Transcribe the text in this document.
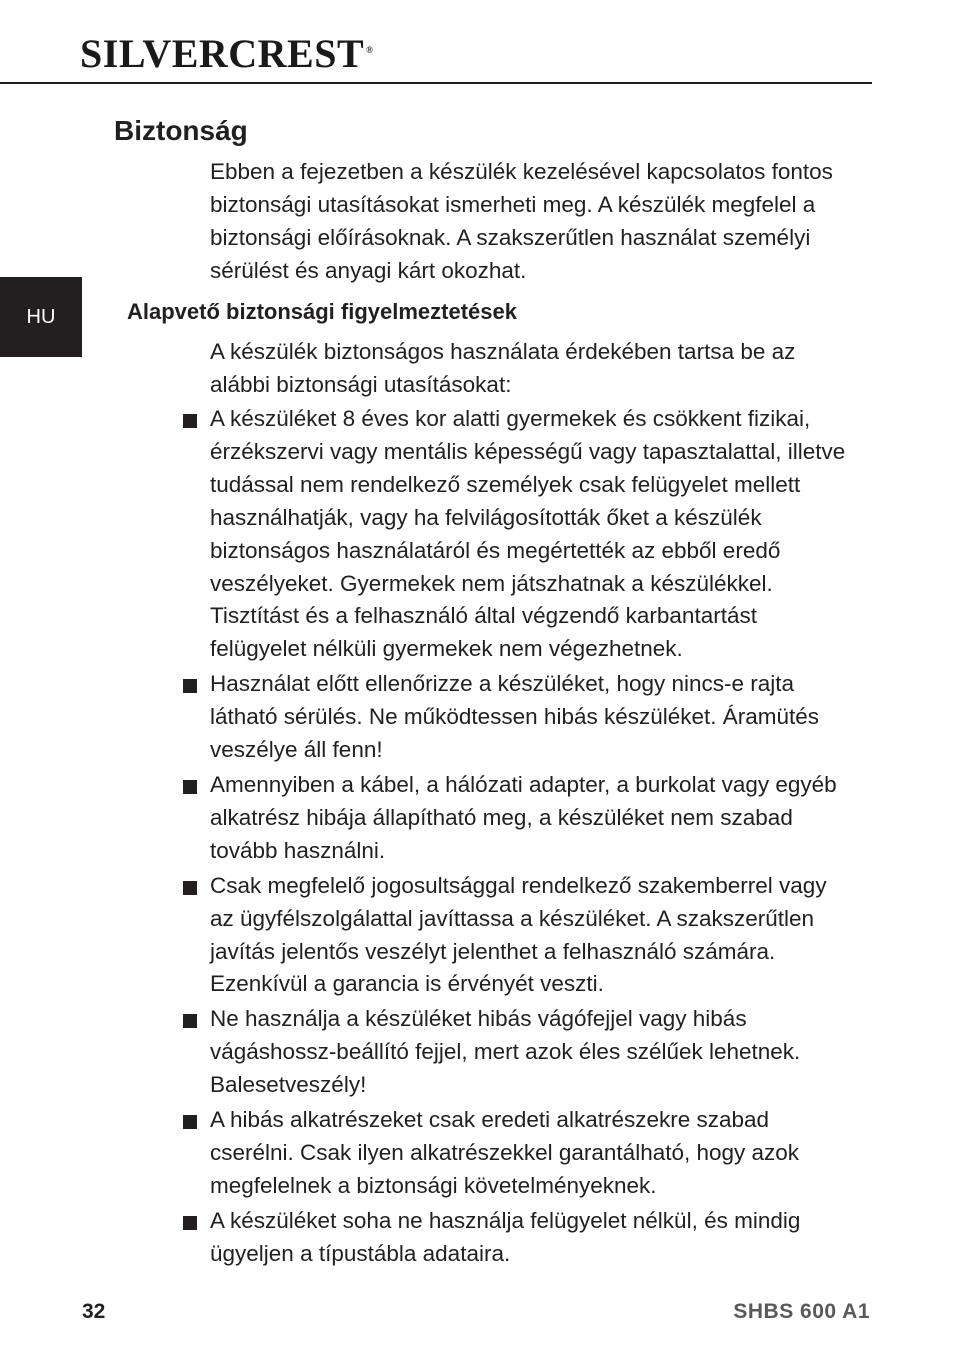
SILVERCREST ®
HU
Biztonság

Ebben a fejezetben a készülék kezelésével kapcsolatos fontos biztonsági utasításokat ismerheti meg. A készülék megfelel a biztonsági előírásoknak. A szakszerűtlen használat személyi sérülést és anyagi kárt okozhat.

Alapvető biztonsági figyelmeztetések

A készülék biztonságos használata érdekében tartsa be az alábbi biztonsági utasításokat:

A készüléket 8 éves kor alatti gyermekek és csökkent fizikai, érzékszervi vagy mentális képességű vagy tapasztalattal, illetve tudással nem rendelkező személyek csak felügyelet mellett használhatják, vagy ha felvilágosították őket a készülék biztonságos használatáról és megértették az ebből eredő veszélyeket. Gyermekek nem játszhatnak a készülékkel. Tisztítást és a felhasználó által végzendő karbantartást felügyelet nélküli gyermekek nem végezhetnek.
Használat előtt ellenőrizze a készüléket, hogy nincs-e rajta látható sérülés. Ne működtessen hibás készüléket. Áramütés veszélye áll fenn!
Amennyiben a kábel, a hálózati adapter, a burkolat vagy egyéb alkatrész hibája állapítható meg, a készüléket nem szabad tovább használni.
Csak megfelelő jogosultsággal rendelkező szakemberrel vagy az ügyfélszolgálattal javíttassa a készüléket. A szakszerűtlen javítás jelentős veszélyt jelenthet a felhasználó számára. Ezenkívül a garancia is érvényét veszti.
Ne használja a készüléket hibás vágófejjel vagy hibás vágáshossz-beállító fejjel, mert azok éles szélűek lehetnek. Balesetveszély!
A hibás alkatrészeket csak eredeti alkatrészekre szabad cserélni. Csak ilyen alkatrészekkel garantálható, hogy azok megfelelnek a biztonsági követelményeknek.
A készüléket soha ne használja felügyelet nélkül, és mindig ügyeljen a típustábla adataira.
32	SHBS 600 A1
